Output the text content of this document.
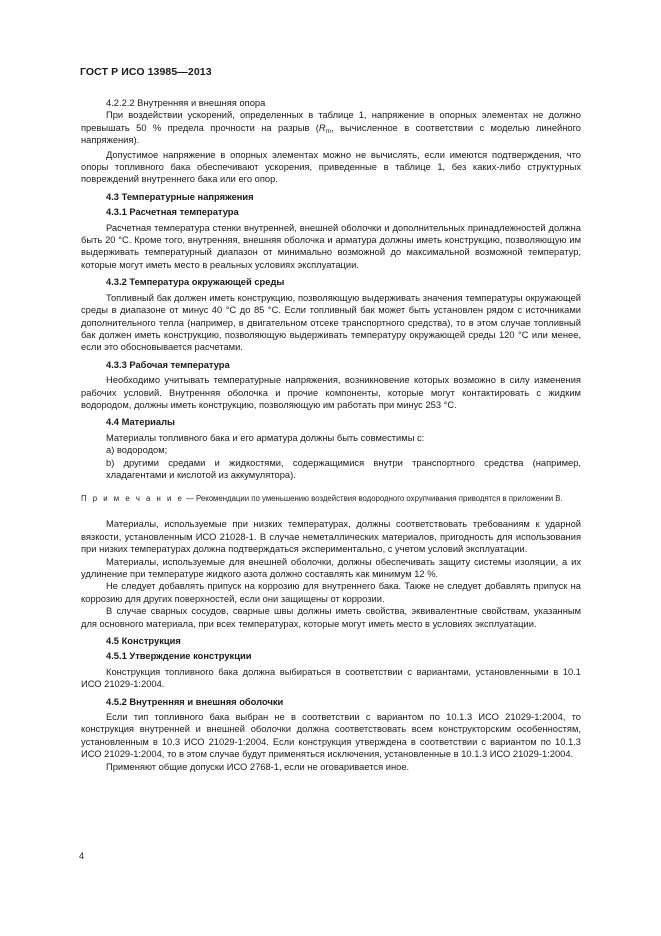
ГОСТ Р ИСО 13985—2013

4.2.2.2 Внутренняя и внешняя опора

При воздействии ускорений, определенных в таблице 1, напряжение в опорных элементах не должно превышать 50 % предела прочности на разрыв ($R_m$, вычисленное в соответствии с моделью линейного напряжения).

Допустимое напряжение в опорных элементах можно не вычислять, если имеются подтверждения, что опоры топливного бака обеспечивают ускорения, приведенные в таблице 1, без каких-либо структурных повреждений внутреннего бака или его опор.

4.3 Температурные напряжения

4.3.1 Расчетная температура

Расчетная температура стенки внутренней, внешней оболочки и дополнительных принадлежностей должна быть 20 °С. Кроме того, внутренняя, внешняя оболочка и арматура должны иметь конструкцию, позволяющую им выдерживать температурный диапазон от минимально возможной до максимальной возможной температур, которые могут иметь место в реальных условиях эксплуатации.

4.3.2 Температура окружающей среды

Топливный бак должен иметь конструкцию, позволяющую выдерживать значения температуры окружающей среды в диапазоне от минус 40 °С до 85 °С. Если топливный бак может быть установлен рядом с источниками дополнительного тепла (например, в двигательном отсеке транспортного средства), то в этом случае топливный бак должен иметь конструкцию, позволяющую выдерживать температуру окружающей среды 120 °С или менее, если это обосновывается расчетами.

4.3.3 Рабочая температура

Необходимо учитывать температурные напряжения, возникновение которых возможно в силу изменения рабочих условий. Внутренняя оболочка и прочие компоненты, которые могут контактировать с жидким водородом, должны иметь конструкцию, позволяющую им работать при минус 253 °С.

4.4 Материалы

Материалы топливного бака и его арматура должны быть совместимы с:

a) водородом;

b) другими средами и жидкостями, содержащимися внутри транспортного средства (например, хладагентами и кислотой из аккумулятора).

П р и м е ч а н и е — Рекомендации по уменьшению воздействия водородного охрупчивания приводятся в приложении В.

Материалы, используемые при низких температурах, должны соответствовать требованиям к ударной вязкости, установленным ИСО 21028-1. В случае неметаллических материалов, пригодность для использования при низких температурах должна подтверждаться экспериментально, с учетом условий эксплуатации.

Материалы, используемые для внешней оболочки, должны обеспечивать защиту системы изоляции, а их удлинение при температуре жидкого азота должно составлять как минимум 12 %.

Не следует добавлять припуск на коррозию для внутреннего бака. Также не следует добавлять припуск на коррозию для других поверхностей, если они защищены от коррозии.

В случае сварных сосудов, сварные швы должны иметь свойства, эквивалентные свойствам, указанным для основного материала, при всех температурах, которые могут иметь место в условиях эксплуатации.

4.5 Конструкция

4.5.1 Утверждение конструкции

Конструкция топливного бака должна выбираться в соответствии с вариантами, установленными в 10.1 ИСО 21029-1:2004.

4.5.2 Внутренняя и внешняя оболочки

Если тип топливного бака выбран не в соответствии с вариантом по 10.1.3 ИСО 21029-1:2004, то конструкция внутренней и внешней оболочки должна соответствовать всем конструкторским особенностям, установленным в 10.3 ИСО 21029-1:2004. Если конструкция утверждена в соответствии с вариантом по 10.1.3 ИСО 21029-1:2004, то в этом случае будут применяться исключения, установленные в 10.1.3 ИСО 21029-1:2004.

Применяют общие допуски ИСО 2768-1, если не оговаривается иное.

4
